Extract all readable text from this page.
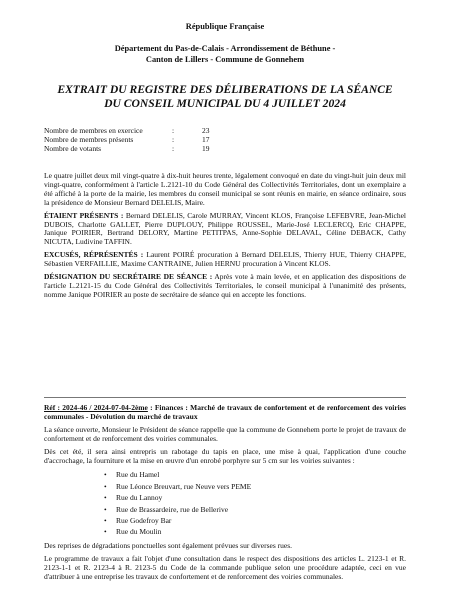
République Française
Département du Pas-de-Calais - Arrondissement de Béthune -
Canton de Lillers - Commune de Gonnehem
EXTRAIT DU REGISTRE DES DÉLIBERATIONS DE LA SÉANCE
DU CONSEIL MUNICIPAL DU 4 JUILLET 2024
Nombre de membres en exercice	:	23
Nombre de membres présents	:	17
Nombre de votants	:	19

Le quatre juillet deux mil vingt-quatre à dix-huit heures trente, légalement convoqué en date du vingt-huit juin deux mil vingt-quatre, conformément à l'article L.2121-10 du Code Général des Collectivités Territoriales, dont un exemplaire a été affiché à la porte de la mairie, les membres du conseil municipal se sont réunis en mairie, en séance ordinaire, sous la présidence de Monsieur Bernard DELELIS, Maire.

ÉTAIENT PRÉSENTS : Bernard DELELIS, Carole MURRAY, Vincent KLOS, Françoise LEFEBVRE, Jean-Michel DUBOIS, Charlotte GALLET, Pierre DUPLOUY, Philippe ROUSSEL, Marie-José LECLERCQ, Eric CHAPPE, Janique POIRIER, Bertrand DELORY, Martine PETITPAS, Anne-Sophie DELAVAL, Céline DEBACK, Cathy NICUTA, Ludivine TAFFIN.

EXCUSÉS, RÉPRÉSENTÉS : Laurent POIRÉ procuration à Bernard DELELIS, Thierry HUE, Thierry CHAPPE, Sébastien VERFAILLIE, Maxime CANTRAINE, Julien HERNU procuration à Vincent KLOS.

DÉSIGNATION DU SECRÉTAIRE DE SÉANCE : Après vote à main levée, et en application des dispositions de l'article L.2121-15 du Code Général des Collectivités Territoriales, le conseil municipal à l'unanimité des présents, nomme Janique POIRIER au poste de secrétaire de séance qui en accepte les fonctions.

Réf : 2024-46 / 2024-07-04-2ème : Finances : Marché de travaux de confortement et de renforcement des voiries communales - Dévolution du marché de travaux

La séance ouverte, Monsieur le Président de séance rappelle que la commune de Gonnehem porte le projet de travaux de confortement et de renforcement des voiries communales.

Dès cet été, il sera ainsi entrepris un rabotage du tapis en place, une mise à quai, l'application d'une couche d'accrochage, la fourniture et la mise en œuvre d'un enrobé porphyre sur 5 cm sur les voiries suivantes :

• Rue du Hamel
• Rue Léonce Breuvart, rue Neuve vers PEME
• Rue du Lannoy
• Rue de Brassardeire, rue de Bellerive
• Rue Godefroy Bar
• Rue du Moulin

Des reprises de dégradations ponctuelles sont également prévues sur diverses rues.

Le programme de travaux a fait l'objet d'une consultation dans le respect des dispositions des articles L. 2123-1 et R. 2123-1-1 et R. 2123-4 à R. 2123-5 du Code de la commande publique selon une procédure adaptée, ceci en vue d'attribuer à une entreprise les travaux de confortement et de renforcement des voiries communales.
